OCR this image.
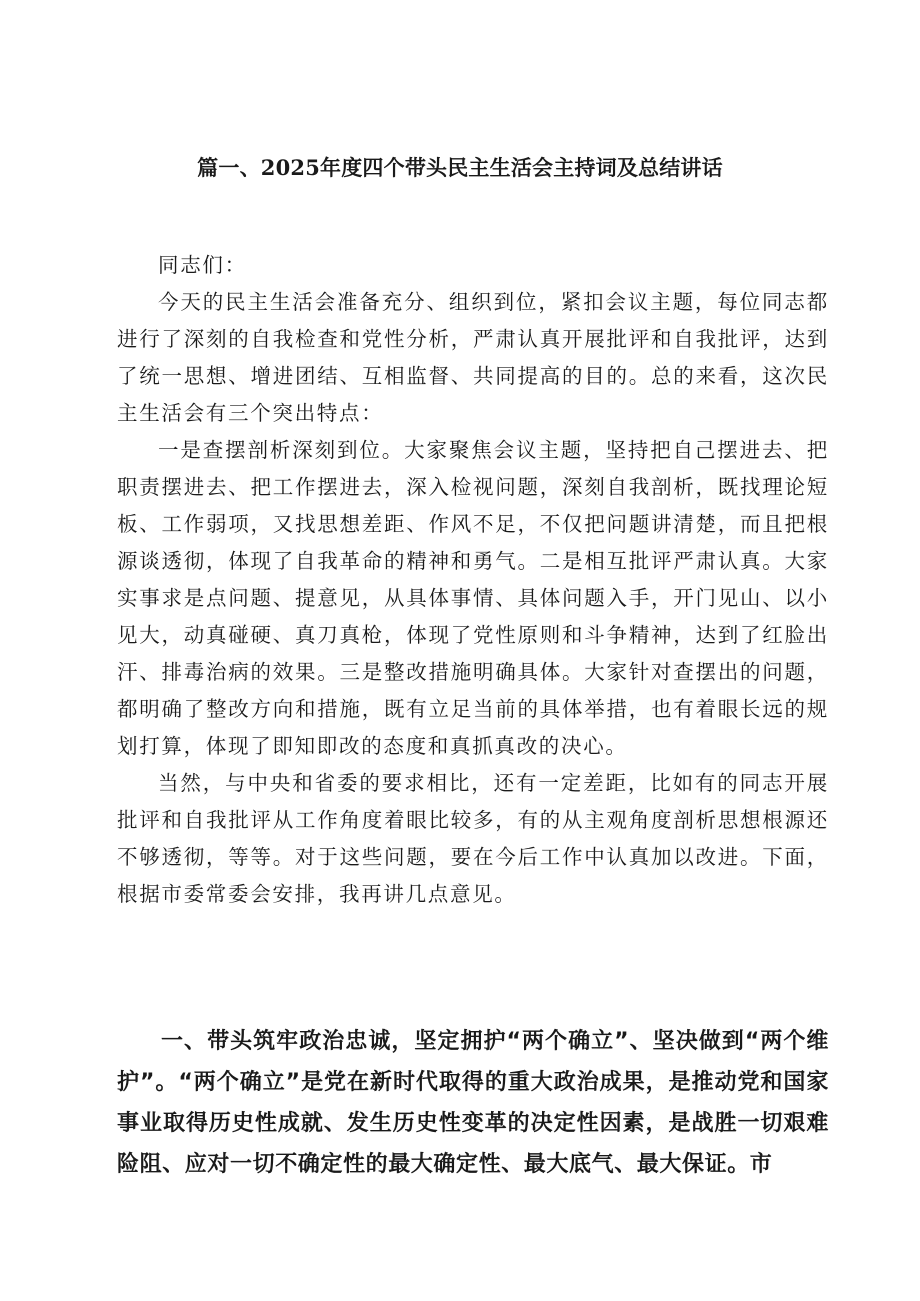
篇一、2025年度四个带头民主生活会主持词及总结讲话

同志们：

今天的民主生活会准备充分、组织到位，紧扣会议主题，每位同志都进行了深刻的自我检查和党性分析，严肃认真开展批评和自我批评，达到了统一思想、增进团结、互相监督、共同提高的目的。总的来看，这次民主生活会有三个突出特点：

一是查摆剖析深刻到位。大家聚焦会议主题，坚持把自己摆进去、把职责摆进去、把工作摆进去，深入检视问题，深刻自我剖析，既找理论短板、工作弱项，又找思想差距、作风不足，不仅把问题讲清楚，而且把根源谈透彻，体现了自我革命的精神和勇气。二是相互批评严肃认真。大家实事求是点问题、提意见，从具体事情、具体问题入手，开门见山、以小见大，动真碰硬、真刀真枪，体现了党性原则和斗争精神，达到了红脸出汗、排毒治病的效果。三是整改措施明确具体。大家针对查摆出的问题，都明确了整改方向和措施，既有立足当前的具体举措，也有着眼长远的规划打算，体现了即知即改的态度和真抓真改的决心。

当然，与中央和省委的要求相比，还有一定差距，比如有的同志开展批评和自我批评从工作角度着眼比较多，有的从主观角度剖析思想根源还不够透彻，等等。对于这些问题，要在今后工作中认真加以改进。下面，根据市委常委会安排，我再讲几点意见。

一、带头筑牢政治忠诚，坚定拥护“两个确立”、坚决做到“两个维护”。“两个确立”是党在新时代取得的重大政治成果，是推动党和国家事业取得历史性成就、发生历史性变革的决定性因素，是战胜一切艰难险阻、应对一切不确定性的最大确定性、最大底气、最大保证。市
